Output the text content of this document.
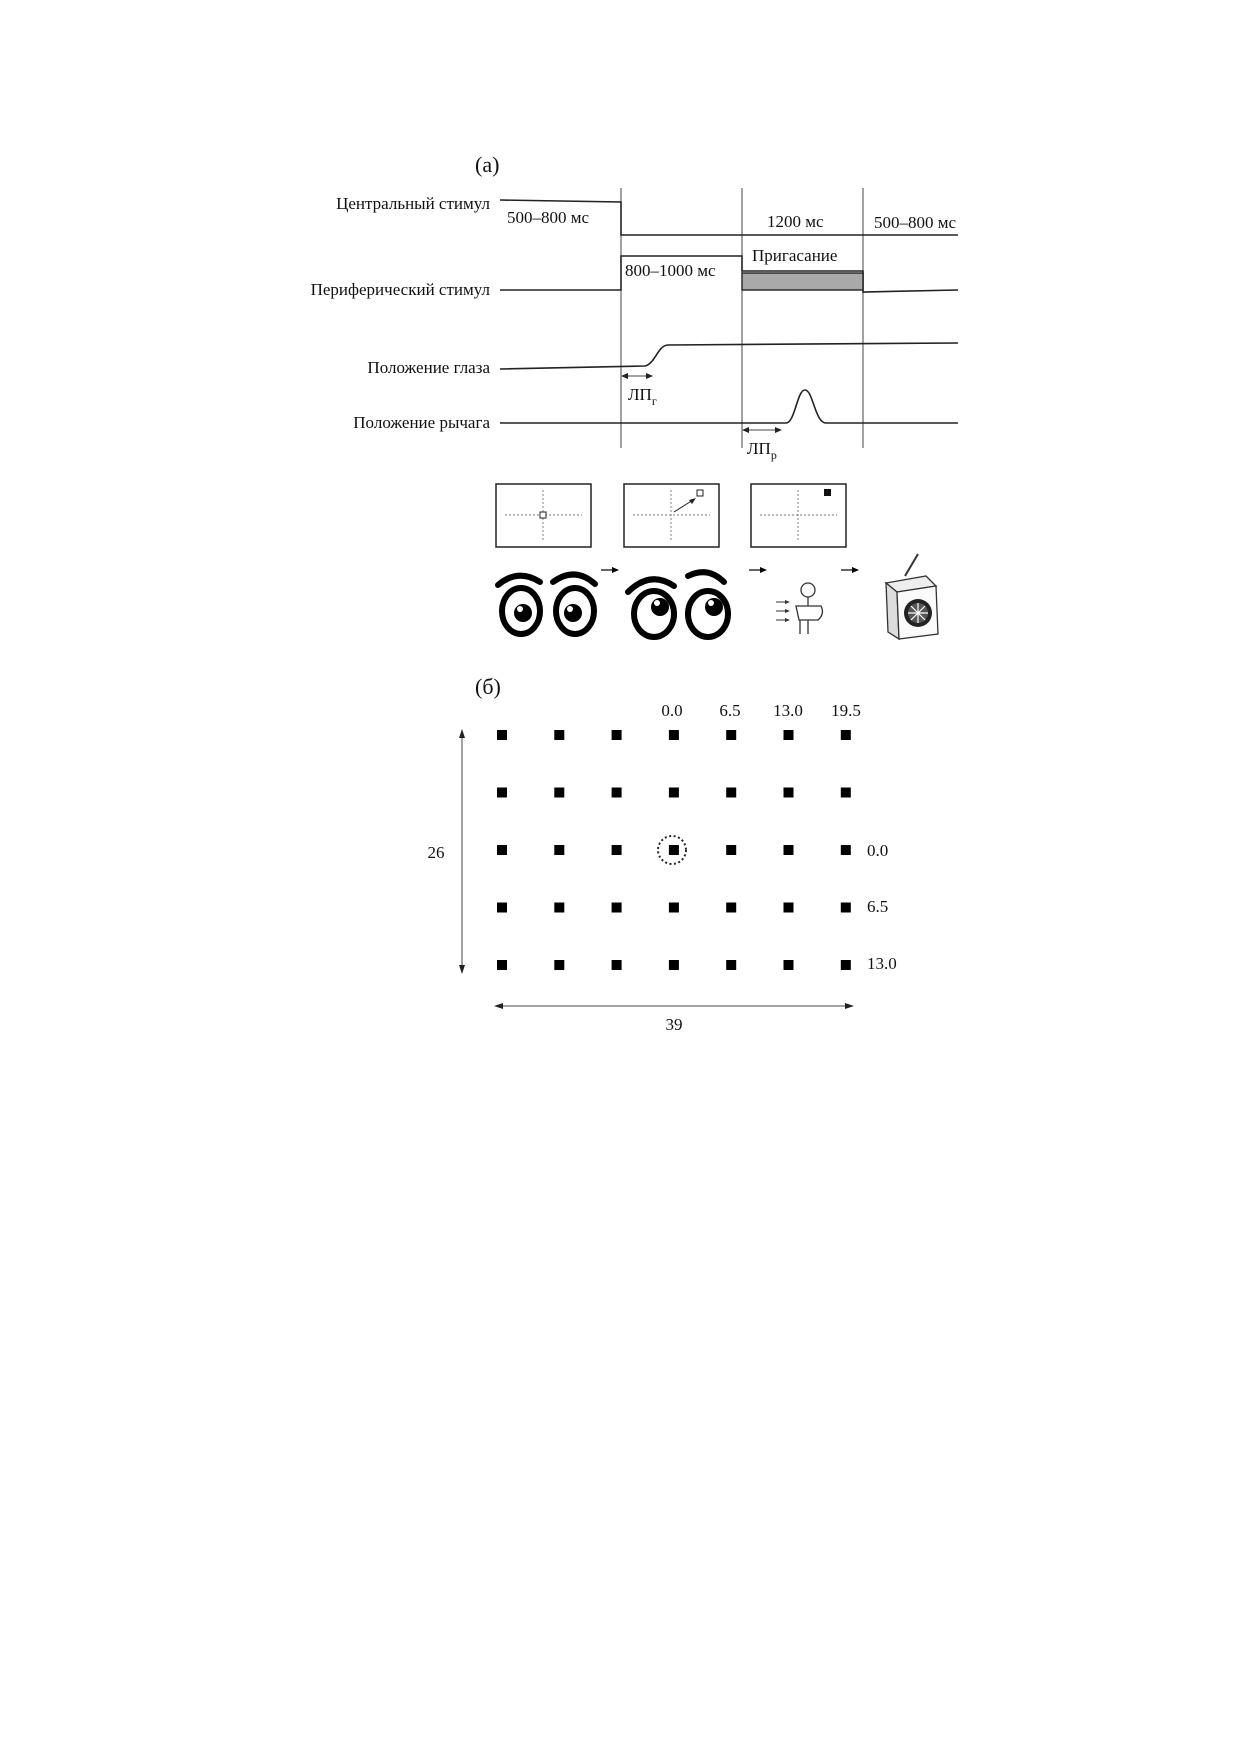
(a)
Центральный стимул
Периферический стимул
Положение глаза
Положение рычага
500–800 мс	1200 мс	500–800 мс
800–1000 мс
Пригасание
$ЛП_г$
$ЛП_р$
(б)
0.0 6.5 13.0 19.5
0.0
6.5
13.0
26
39
